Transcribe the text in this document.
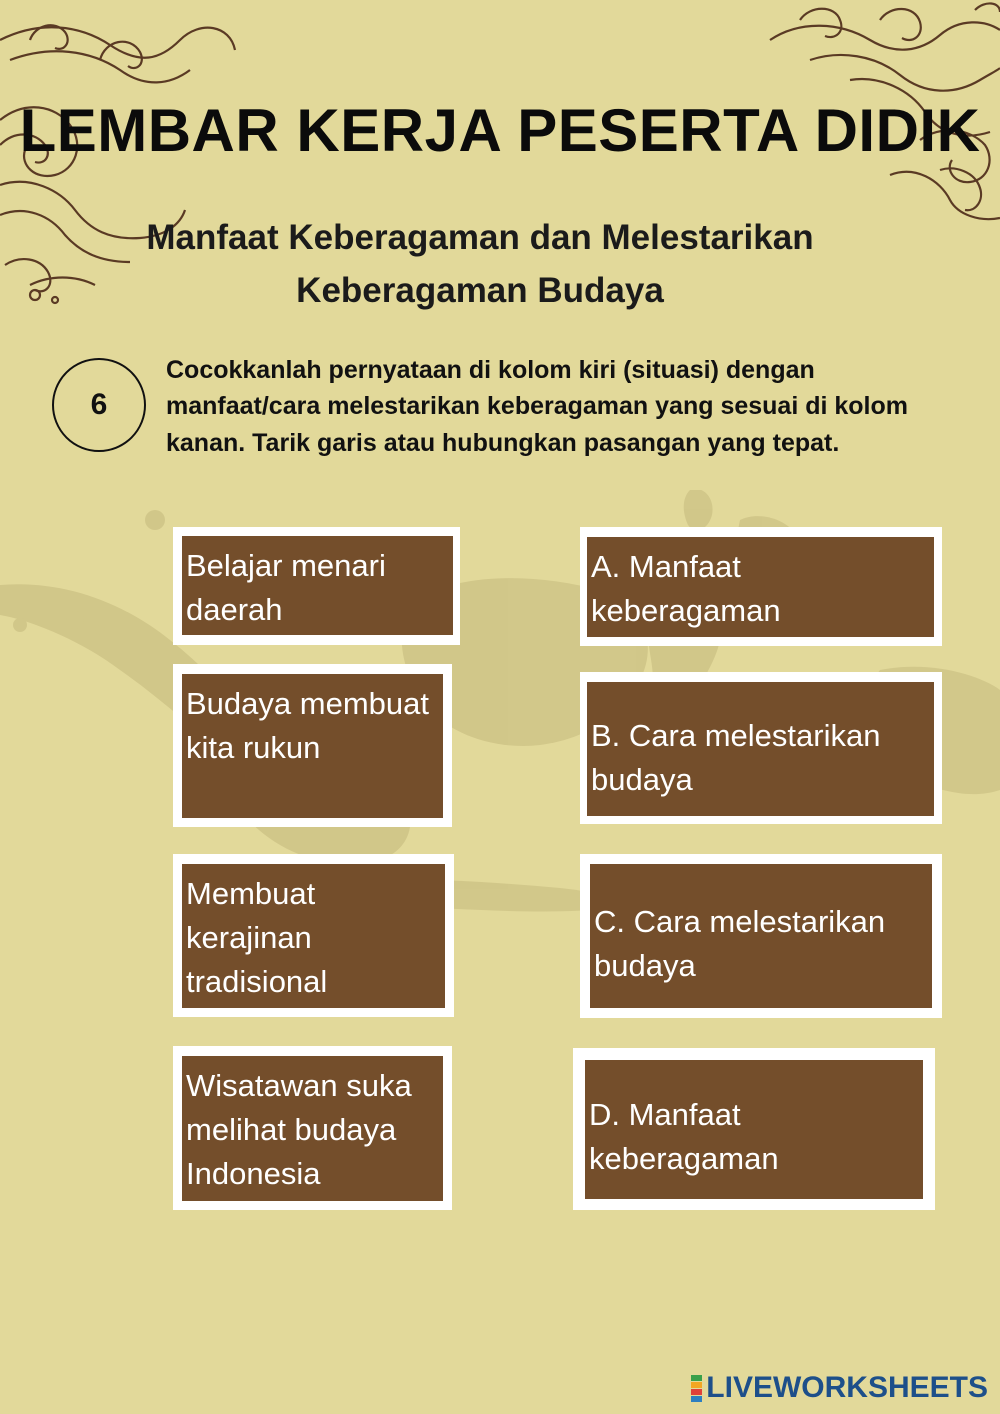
LEMBAR KERJA PESERTA DIDIK
Manfaat Keberagaman dan Melestarikan
Keberagaman Budaya
6
Cocokkanlah pernyataan di kolom kiri (situasi) dengan manfaat/cara melestarikan keberagaman yang sesuai di kolom kanan. Tarik garis atau hubungkan pasangan yang tepat.
Belajar menari daerah
Budaya membuat kita rukun
Membuat kerajinan tradisional
Wisatawan suka melihat budaya Indonesia
A. Manfaat keberagaman
B. Cara melestarikan budaya
C. Cara melestarikan budaya
D. Manfaat keberagaman
LIVEWORKSHEETS
